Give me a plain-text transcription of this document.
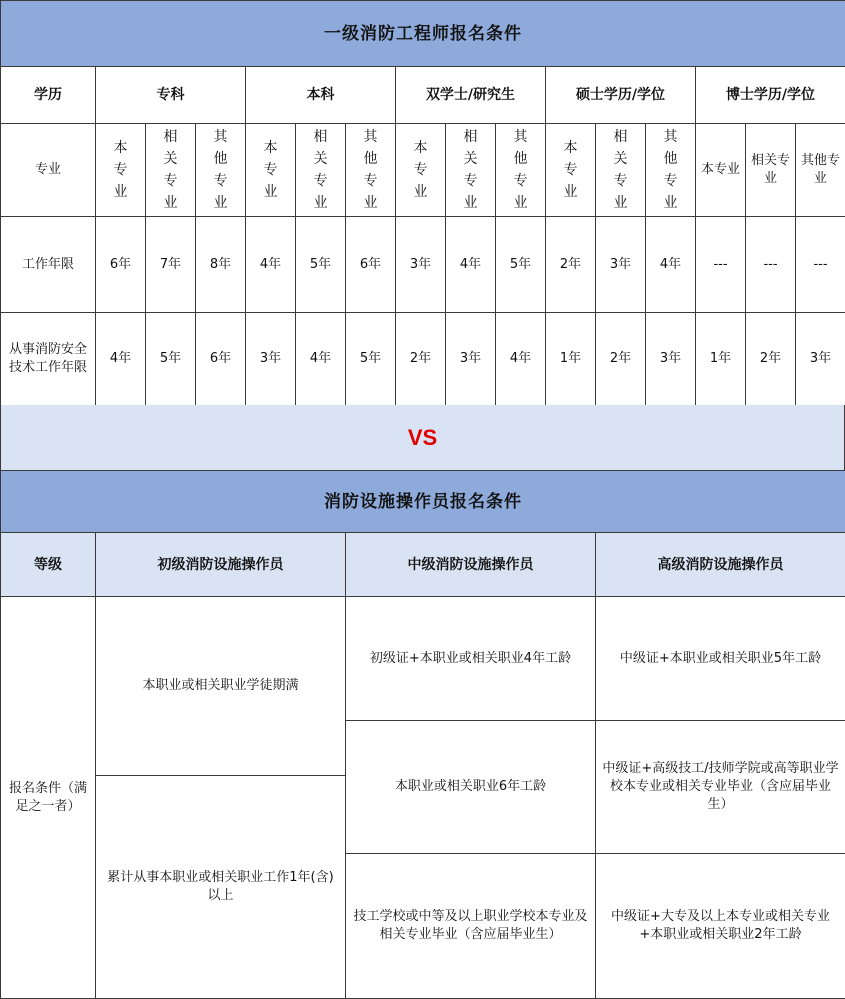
一级消防工程师报名条件															
学历	专科			本科			双学士/研究生			硕士学历/学位			博士学历/学位		
专业	本专业	相关专业	其他专业	本专业	相关专业	其他专业	本专业	相关专业	其他专业	本专业	相关专业	其他专业	本专业	相关专业	其他专业
工作年限	6年	7年	8年	4年	5年	6年	3年	4年	5年	2年	3年	4年	---	---	---
从事消防安全技术工作年限	4年	5年	6年	3年	4年	5年	2年	3年	4年	1年	2年	3年	1年	2年	3年
VS
消防设施操作员报名条件			
等级	初级消防设施操作员	中级消防设施操作员	高级消防设施操作员
报名条件（满足之一者）	本职业或相关职业学徒期满	初级证+本职业或相关职业4年工龄	中级证+本职业或相关职业5年工龄

		本职业或相关职业6年工龄	中级证+高级技工/技师学院或高等职业学校本专业或相关专业毕业（含应届毕业生）
	累计从事本职业或相关职业工作1年(含)以上		
		技工学校或中等及以上职业学校本专业及相关专业毕业（含应届毕业生）	中级证+大专及以上本专业或相关专业+本职业或相关职业2年工龄
